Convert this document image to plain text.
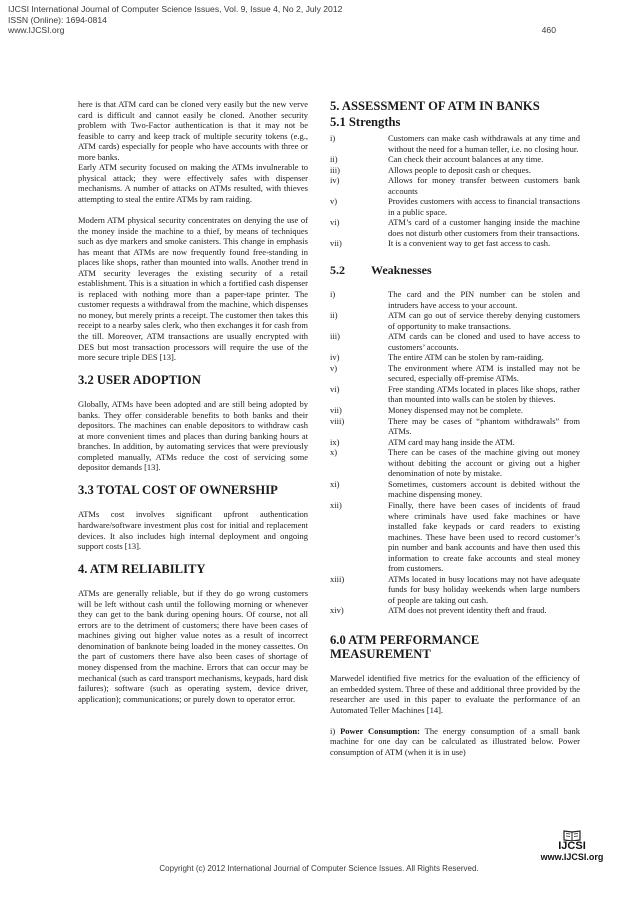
IJCSI International Journal of Computer Science Issues, Vol. 9, Issue 4, No 2, July 2012
ISSN (Online): 1694-0814
www.IJCSI.org	460

here is that ATM card can be cloned very easily but the new verve card is difficult and cannot easily be cloned. Another security problem with Two-Factor authentication is that it may not be feasible to carry and keep track of multiple security tokens (e.g., ATM cards) especially for people who have accounts with three or more banks.

Early ATM security focused on making the ATMs invulnerable to physical attack; they were effectively safes with dispenser mechanisms. A number of attacks on ATMs resulted, with thieves attempting to steal the entire ATMs by ram raiding.

Modern ATM physical security concentrates on denying the use of the money inside the machine to a thief, by means of techniques such as dye markers and smoke canisters. This change in emphasis has meant that ATMs are now frequently found free-standing in places like shops, rather than mounted into walls. Another trend in ATM security leverages the existing security of a retail establishment. This is a situation in which a fortified cash dispenser is replaced with nothing more than a paper-tape printer. The customer requests a withdrawal from the machine, which dispenses no money, but merely prints a receipt. The customer then takes this receipt to a nearby sales clerk, who then exchanges it for cash from the till. Moreover, ATM transactions are usually encrypted with DES but most transaction processors will require the use of the more secure triple DES [13].

3.2 USER ADOPTION

Globally, ATMs have been adopted and are still being adopted by banks. They offer considerable benefits to both banks and their depositors. The machines can enable depositors to withdraw cash at more convenient times and places than during banking hours at branches. In addition, by automating services that were previously completed manually, ATMs reduce the cost of servicing some depositor demands [13].

3.3 TOTAL COST OF OWNERSHIP

ATMs cost involves significant upfront authentication hardware/software investment plus cost for initial and replacement devices. It also includes high internal deployment and ongoing support costs [13].

4. ATM RELIABILITY

ATMs are generally reliable, but if they do go wrong customers will be left without cash until the following morning or whenever they can get to the bank during opening hours. Of course, not all errors are to the detriment of customers; there have been cases of machines giving out higher value notes as a result of incorrect denomination of banknote being loaded in the money cassettes. On the part of customers there have also been cases of shortage of money dispensed from the machine. Errors that can occur may be mechanical (such as card transport mechanisms, keypads, hard disk failures); software (such as operating system, device driver, application); communications; or purely down to operator error.

5. ASSESSMENT OF ATM IN BANKS
5.1 Strengths
i)	Customers can make cash withdrawals at any time and without the need for a human teller, i.e. no closing hour.
ii)	Can check their account balances at any time.
iii)	Allows people to deposit cash or cheques.
iv)	Allows for money transfer between customers bank accounts
v)	Provides customers with access to financial transactions in a public space.
vi)	ATM’s card of a customer hanging inside the machine does not disturb other customers from their transactions.
vii)	It is a convenient way to get fast access to cash.
5.2 Weaknesses
i)	The card and the PIN number can be stolen and intruders have access to your account.
ii)	ATM can go out of service thereby denying customers of opportunity to make transactions.
iii)	ATM cards can be cloned and used to have access to customers’ accounts.
iv)	The entire ATM can be stolen by ram-raiding.
v)	The environment where ATM is installed may not be secured, especially off-premise ATMs.
vi)	Free standing ATMs located in places like shops, rather than mounted into walls can be stolen by thieves.
vii)	Money dispensed may not be complete.
viii)	There may be cases of “phantom withdrawals” from ATMs.
ix)	ATM card may hang inside the ATM.
x)	There can be cases of the machine giving out money without debiting the account or giving out a higher denomination of note by mistake.
xi)	Sometimes, customers account is debited without the machine dispensing money.
xii)	Finally, there have been cases of incidents of fraud where criminals have used fake machines or have installed fake keypads or card readers to existing machines. These have been used to record customer’s pin number and bank accounts and have then used this information to create fake accounts and steal money from customers.
xiii)	ATMs located in busy locations may not have adequate funds for busy holiday weekends when large numbers of people are taking out cash.
xiv)	ATM does not prevent identity theft and fraud.
6.0 ATM PERFORMANCE MEASUREMENT

Marwedel identified five metrics for the evaluation of the efficiency of an embedded system. Three of these and additional three provided by the researcher are used in this paper to evaluate the performance of an Automated Teller Machines [14].

i) Power Consumption: The energy consumption of a small bank machine for one day can be calculated as illustrated below. Power consumption of ATM (when it is in use)

IJCSI
www.IJCSI.org
Copyright (c) 2012 International Journal of Computer Science Issues. All Rights Reserved.
